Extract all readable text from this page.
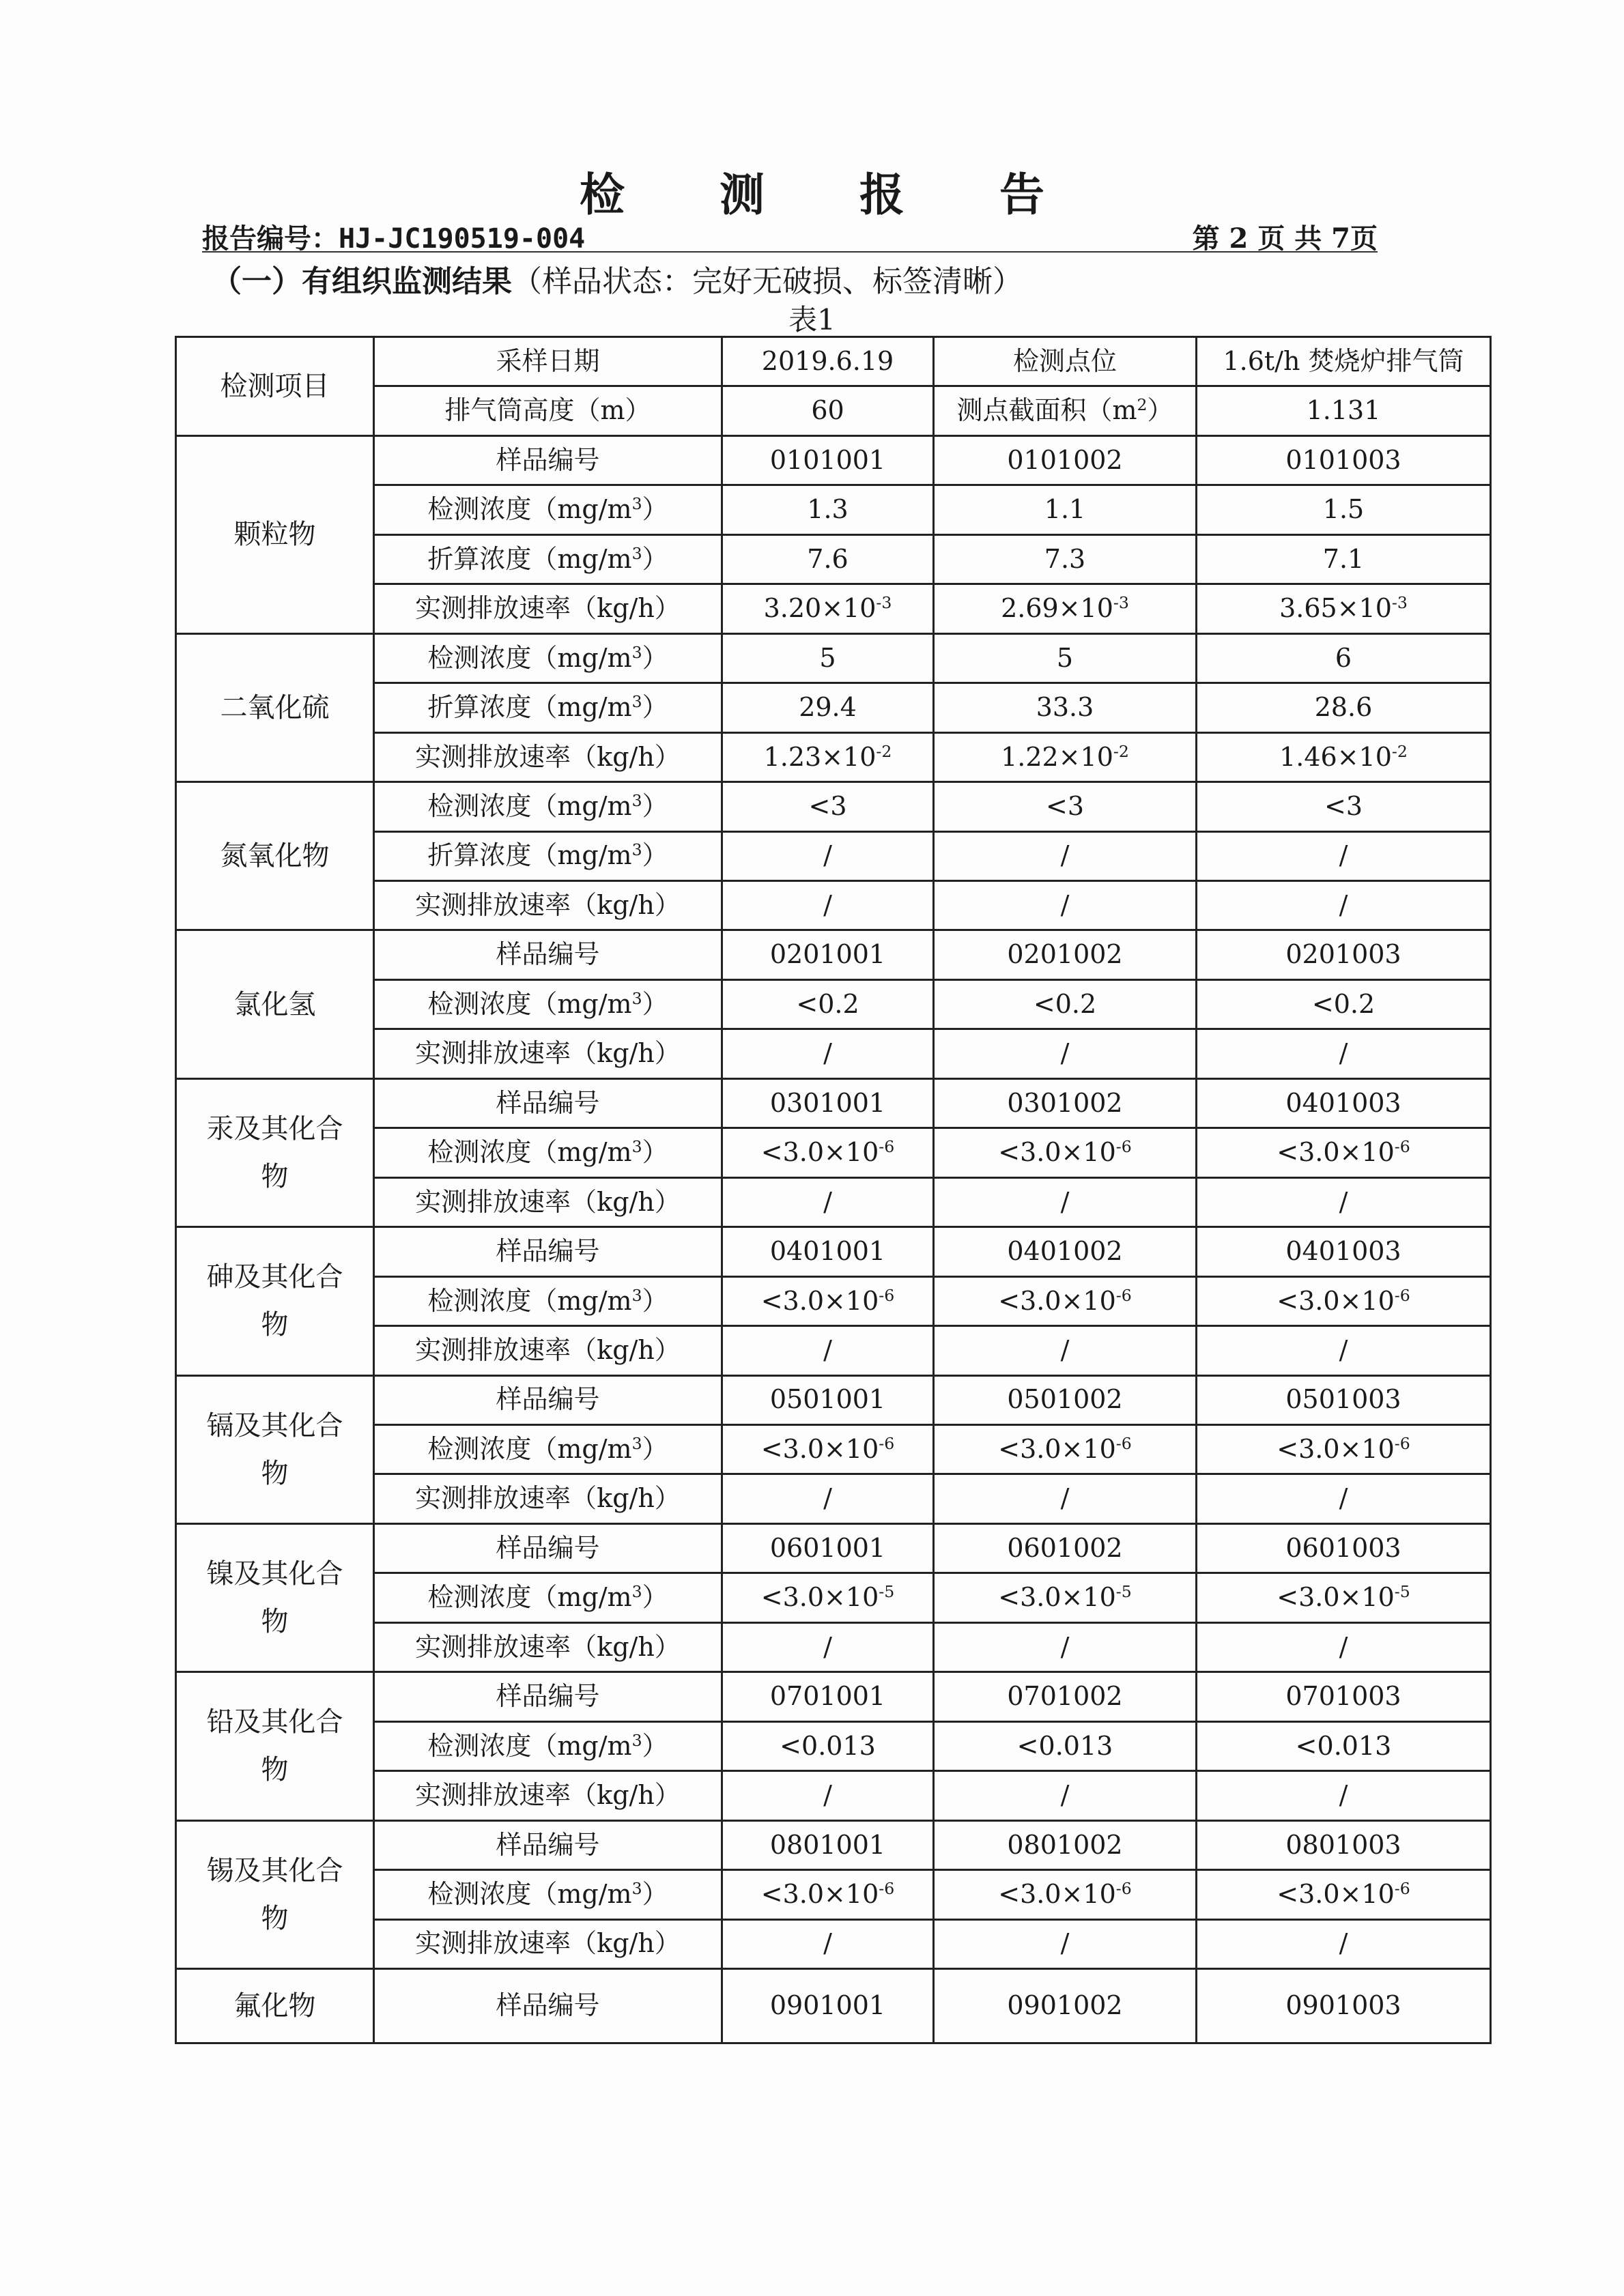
检 测 报 告
报告编号：HJ-JC190519-004	第 2 页 共 7页
（一）有组织监测结果（样品状态：完好无破损、标签清晰）
表1
检测项目	采样日期	2019.6.19	检测点位	1.6t/h 焚烧炉排气筒
	排气筒高度（m）	60	测点截面积$(m^2)$	1.131
颗粒物	样品编号	0101001	0101002	0101003
	检测浓度$(mg/m^3)$	1.3	1.1	1.5
	折算浓度$(mg/m^3)$	7.6	7.3	7.1
	实测排放速率（kg/h）	$3.20\times 10^{-3}$	$2.69\times 10^{-3}$	$3.65\times 10^{-3}$
二氧化硫	检测浓度$(mg/m^3)$	5	5	6
	折算浓度$(mg/m^3)$	29.4	33.3	28.6
	实测排放速率（kg/h）	$1.23\times 10^{-2}$	$1.22\times 10^{-2}$	$1.46\times 10^{-2}$
氮氧化物	检测浓度$(mg/m^3)$	<3	<3	<3
	折算浓度$(mg/m^3)$	/	/	/
	实测排放速率（kg/h）	/	/	/
氯化氢	样品编号	0201001	0201002	0201003
	检测浓度$(mg/m^3)$	<0.2	<0.2	<0.2
	实测排放速率（kg/h）	/	/	/
汞及其化合物	样品编号	0301001	0301002	0401003
	检测浓度$(mg/m^3)$	$<3.0\times 10^{-6}$	$<3.0\times 10^{-6}$	$<3.0\times 10^{-6}$
	实测排放速率（kg/h）	/	/	/
砷及其化合物	样品编号	0401001	0401002	0401003
	检测浓度$(mg/m^3)$	$<3.0\times 10^{-6}$	$<3.0\times 10^{-6}$	$<3.0\times 10^{-6}$
	实测排放速率（kg/h）	/	/	/
镉及其化合物	样品编号	0501001	0501002	0501003
	检测浓度$(mg/m^3)$	$<3.0\times 10^{-6}$	$<3.0\times 10^{-6}$	$<3.0\times 10^{-6}$
	实测排放速率（kg/h）	/	/	/
镍及其化合物	样品编号	0601001	0601002	0601003
	检测浓度$(mg/m^3)$	$<3.0\times 10^{-5}$	$<3.0\times 10^{-5}$	$<3.0\times 10^{-5}$
	实测排放速率（kg/h）	/	/	/
铅及其化合物	样品编号	0701001	0701002	0701003
	检测浓度$(mg/m^3)$	<0.013	<0.013	<0.013
	实测排放速率（kg/h）	/	/	/
锡及其化合物	样品编号	0801001	0801002	0801003
	检测浓度$(mg/m^3)$	$<3.0\times 10^{-6}$	$<3.0\times 10^{-6}$	$<3.0\times 10^{-6}$
	实测排放速率（kg/h）	/	/	/
氟化物	样品编号	0901001	0901002	0901003
